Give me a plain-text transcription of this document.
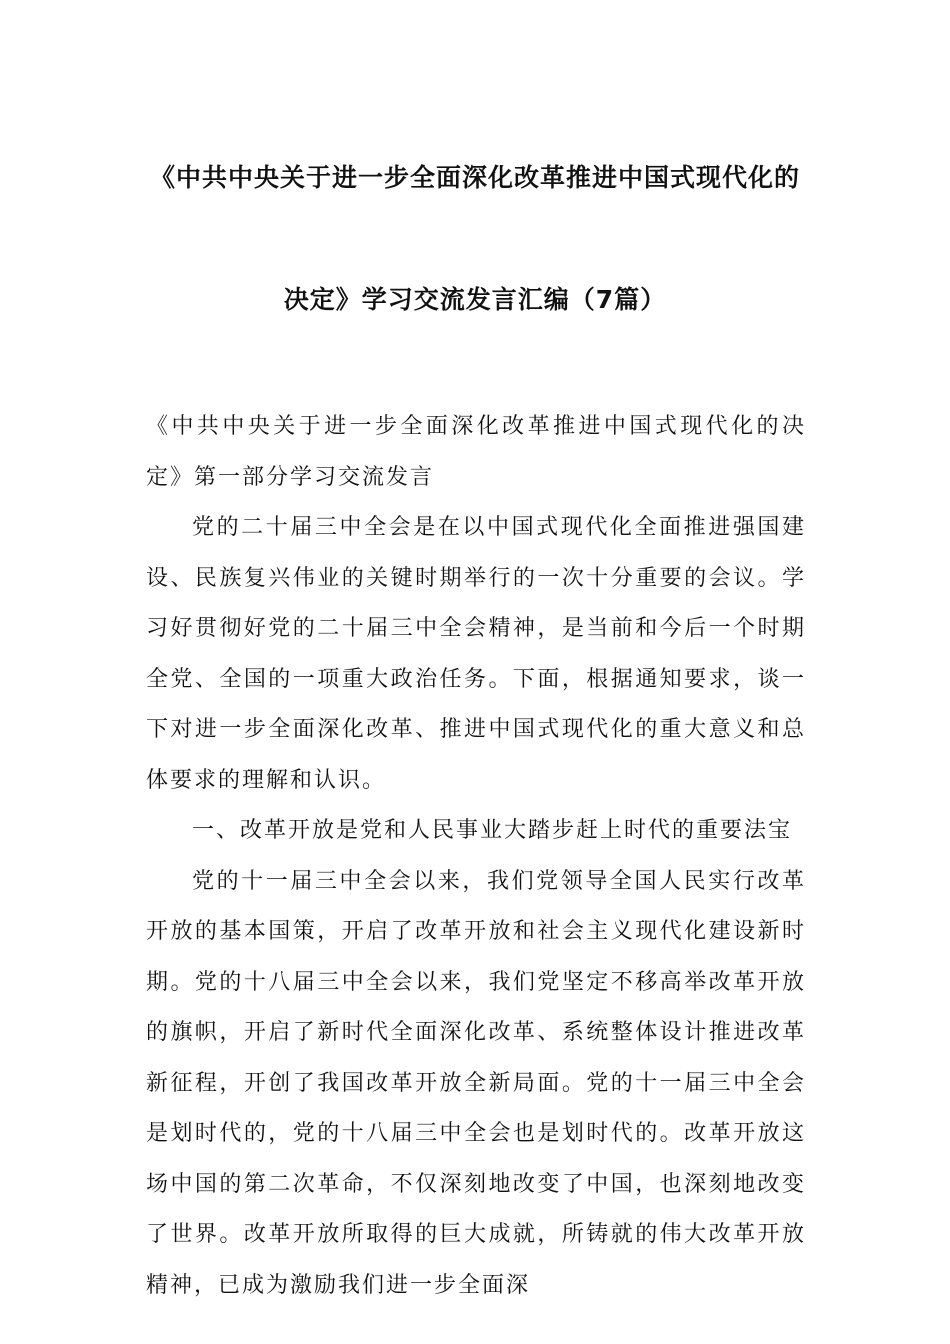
《中共中央关于进一步全面深化改革推进中国式现代化的
决定》学习交流发言汇编（7篇）

《中共中央关于进一步全面深化改革推进中国式现代化的决定》第一部分学习交流发言

党的二十届三中全会是在以中国式现代化全面推进强国建设、民族复兴伟业的关键时期举行的一次十分重要的会议。学习好贯彻好党的二十届三中全会精神，是当前和今后一个时期全党、全国的一项重大政治任务。下面，根据通知要求，谈一下对进一步全面深化改革、推进中国式现代化的重大意义和总体要求的理解和认识。

一、改革开放是党和人民事业大踏步赶上时代的重要法宝

党的十一届三中全会以来，我们党领导全国人民实行改革开放的基本国策，开启了改革开放和社会主义现代化建设新时期。党的十八届三中全会以来，我们党坚定不移高举改革开放的旗帜，开启了新时代全面深化改革、系统整体设计推进改革新征程，开创了我国改革开放全新局面。党的十一届三中全会是划时代的，党的十八届三中全会也是划时代的。改革开放这场中国的第二次革命，不仅深刻地改变了中国，也深刻地改变了世界。改革开放所取得的巨大成就，所铸就的伟大改革开放精神，已成为激励我们进一步全面深
